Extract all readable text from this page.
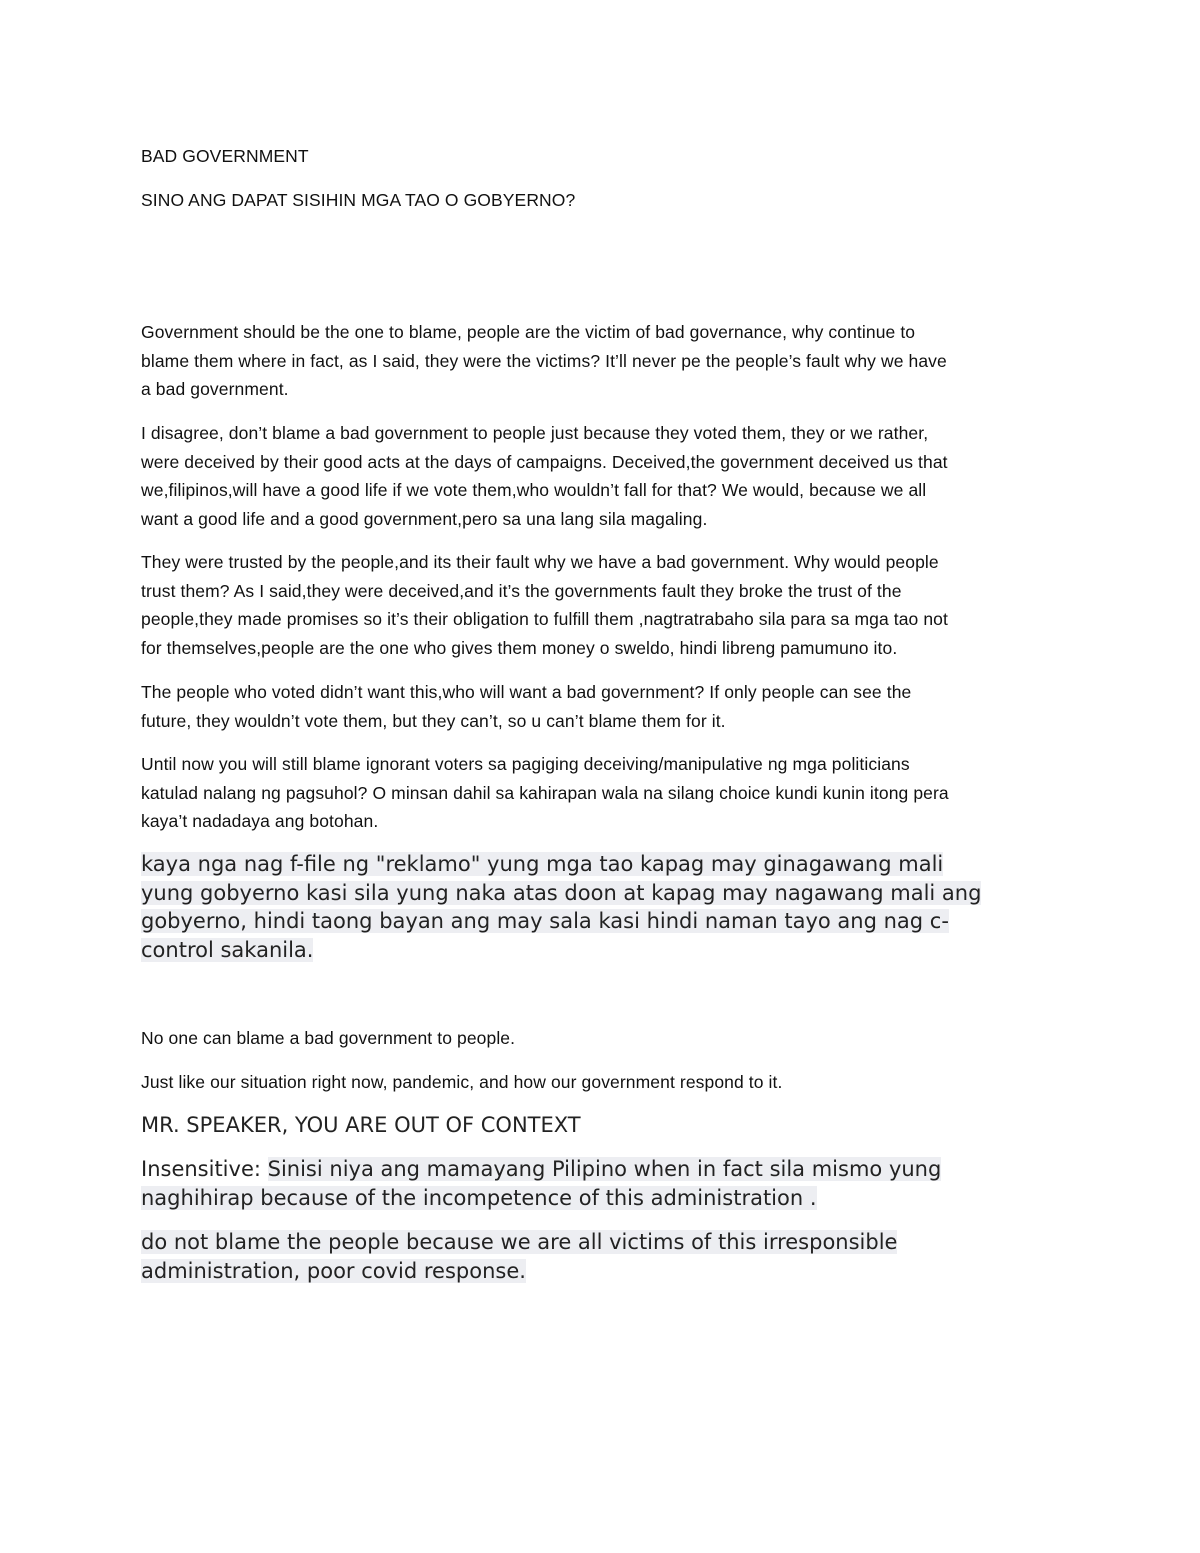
BAD GOVERNMENT
SINO ANG DAPAT SISIHIN MGA TAO O GOBYERNO?
Government should be the one to blame, people are the victim of bad governance, why continue to
blame them where in fact, as I said, they were the victims? It’ll never pe the people’s fault why we have
a bad government.
I disagree, don’t blame a bad government to people just because they voted them, they or we rather,
were deceived by their good acts at the days of campaigns. Deceived,the government deceived us that
we,filipinos,will have a good life if we vote them,who wouldn’t fall for that? We would, because we all
want a good life and a good government,pero sa una lang sila magaling.
They were trusted by the people,and its their fault why we have a bad government. Why would people
trust them? As I said,they were deceived,and it’s the governments fault they broke the trust of the
people,they made promises so it’s their obligation to fulfill them ,nagtratrabaho sila para sa mga tao not
for themselves,people are the one who gives them money o sweldo, hindi libreng pamumuno ito.
The people who voted didn’t want this,who will want a bad government? If only people can see the
future, they wouldn’t vote them, but they can’t, so u can’t blame them for it.
Until now you will still blame ignorant voters sa pagiging deceiving/manipulative ng mga politicians
katulad nalang ng pagsuhol? O minsan dahil sa kahirapan wala na silang choice kundi kunin itong pera
kaya’t nadadaya ang botohan.
kaya nga nag f-file ng "reklamo" yung mga tao kapag may ginagawang mali
yung gobyerno kasi sila yung naka atas doon at kapag may nagawang mali ang
gobyerno, hindi taong bayan ang may sala kasi hindi naman tayo ang nag c-
control sakanila.
No one can blame a bad government to people.
Just like our situation right now, pandemic, and how our government respond to it.
MR. SPEAKER, YOU ARE OUT OF CONTEXT
Insensitive: Sinisi niya ang mamayang Pilipino when in fact sila mismo yung
naghihirap because of the incompetence of this administration .
do not blame the people because we are all victims of this irresponsible
administration, poor covid response.
